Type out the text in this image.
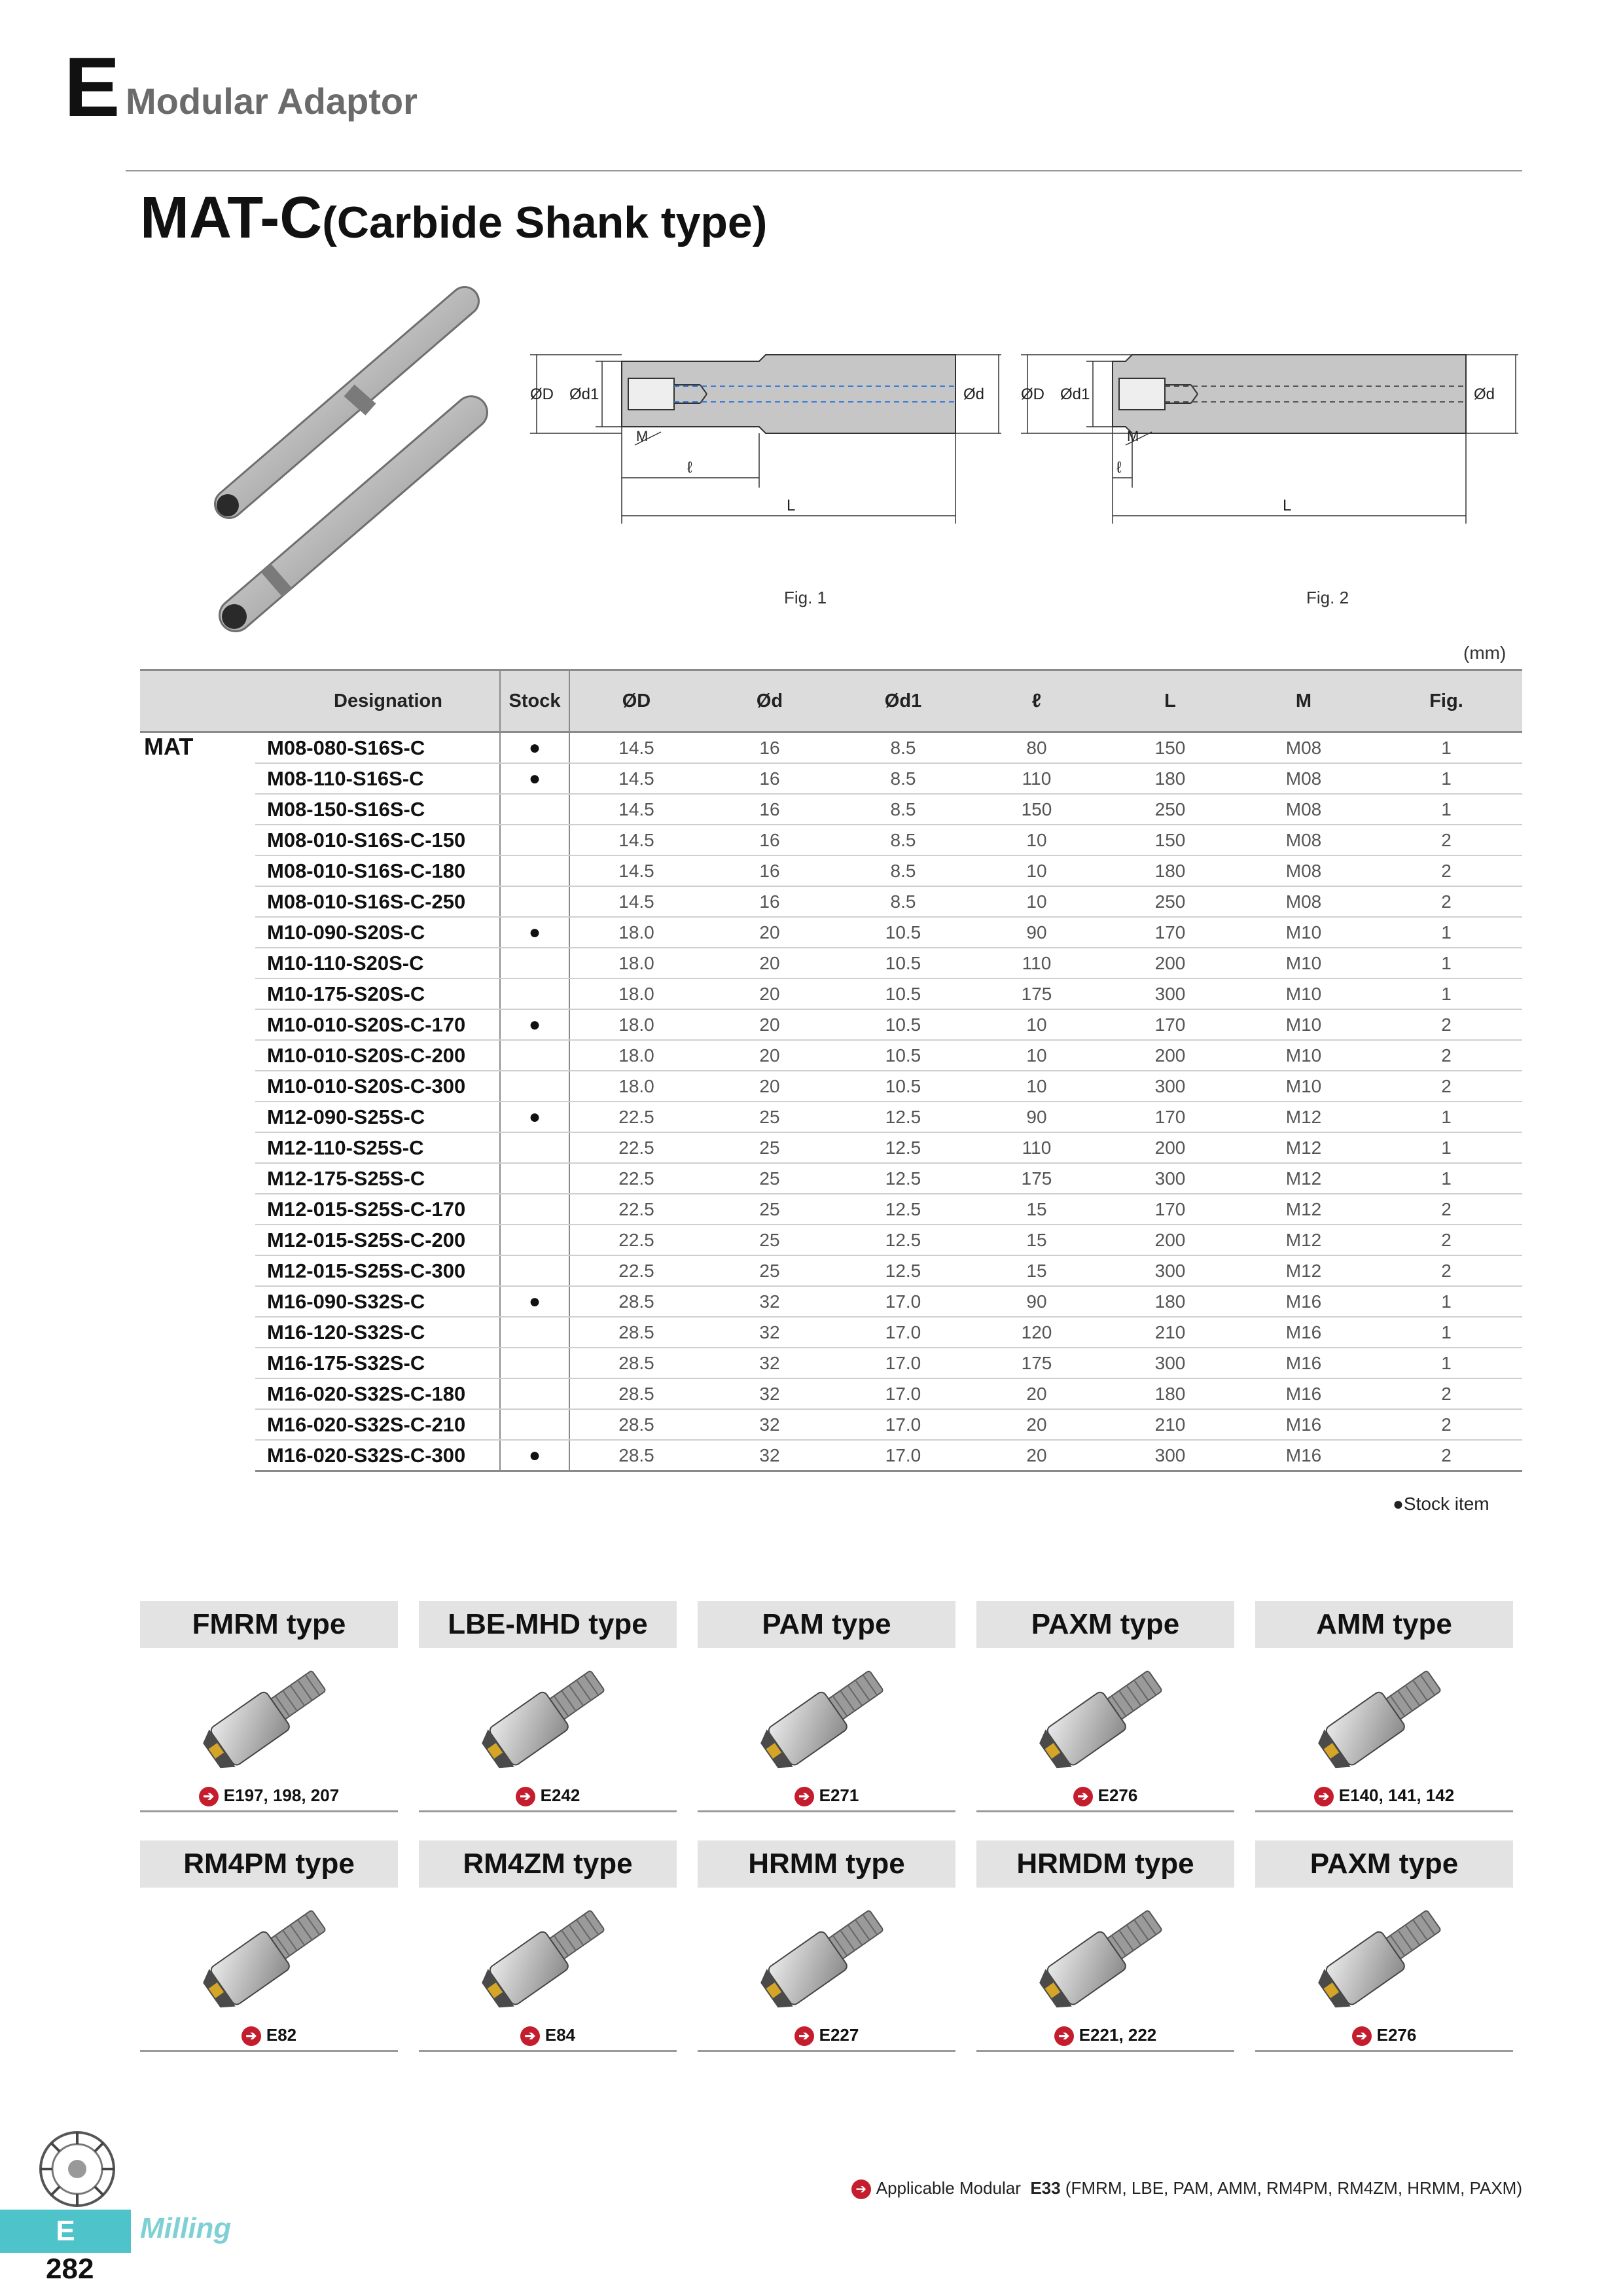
E Modular Adaptor
MAT-C(Carbide Shank type)
ØD Ød1	Ød
M
ℓ
L
Fig. 1
ØD Ød1	Ød
M
ℓ
L
Fig. 2
(mm)
	Designation	Stock	ØD	Ød	Ød1	ℓ	L	M	Fig.
MAT	M08-080-S16S-C	●	14.5	16	8.5	80	150	M08	1
	M08-110-S16S-C	●	14.5	16	8.5	110	180	M08	1
	M08-150-S16S-C		14.5	16	8.5	150	250	M08	1
	M08-010-S16S-C-150		14.5	16	8.5	10	150	M08	2
	M08-010-S16S-C-180		14.5	16	8.5	10	180	M08	2
	M08-010-S16S-C-250		14.5	16	8.5	10	250	M08	2
	M10-090-S20S-C	●	18.0	20	10.5	90	170	M10	1
	M10-110-S20S-C		18.0	20	10.5	110	200	M10	1
	M10-175-S20S-C		18.0	20	10.5	175	300	M10	1
	M10-010-S20S-C-170	●	18.0	20	10.5	10	170	M10	2
	M10-010-S20S-C-200		18.0	20	10.5	10	200	M10	2
	M10-010-S20S-C-300		18.0	20	10.5	10	300	M10	2
	M12-090-S25S-C	●	22.5	25	12.5	90	170	M12	1
	M12-110-S25S-C		22.5	25	12.5	110	200	M12	1
	M12-175-S25S-C		22.5	25	12.5	175	300	M12	1
	M12-015-S25S-C-170		22.5	25	12.5	15	170	M12	2
	M12-015-S25S-C-200		22.5	25	12.5	15	200	M12	2
	M12-015-S25S-C-300		22.5	25	12.5	15	300	M12	2
	M16-090-S32S-C	●	28.5	32	17.0	90	180	M16	1
	M16-120-S32S-C		28.5	32	17.0	120	210	M16	1
	M16-175-S32S-C		28.5	32	17.0	175	300	M16	1
	M16-020-S32S-C-180		28.5	32	17.0	20	180	M16	2
	M16-020-S32S-C-210		28.5	32	17.0	20	210	M16	2
	M16-020-S32S-C-300	●	28.5	32	17.0	20	300	M16	2
●Stock item
FMRM type
➔ E197, 198, 207
LBE-MHD type
➔ E242
PAM type
➔ E271
PAXM type
➔ E276
AMM type
➔ E140, 141, 142
RM4PM type
➔ E82
RM4ZM type
➔ E84
HRMM type
➔ E227
HRMDM type
➔ E221, 222
PAXM type
➔ E276
➔ Applicable Modular E33 (FMRM, LBE, PAM, AMM, RM4PM, RM4ZM, HRMM, PAXM)
E	Milling
282
